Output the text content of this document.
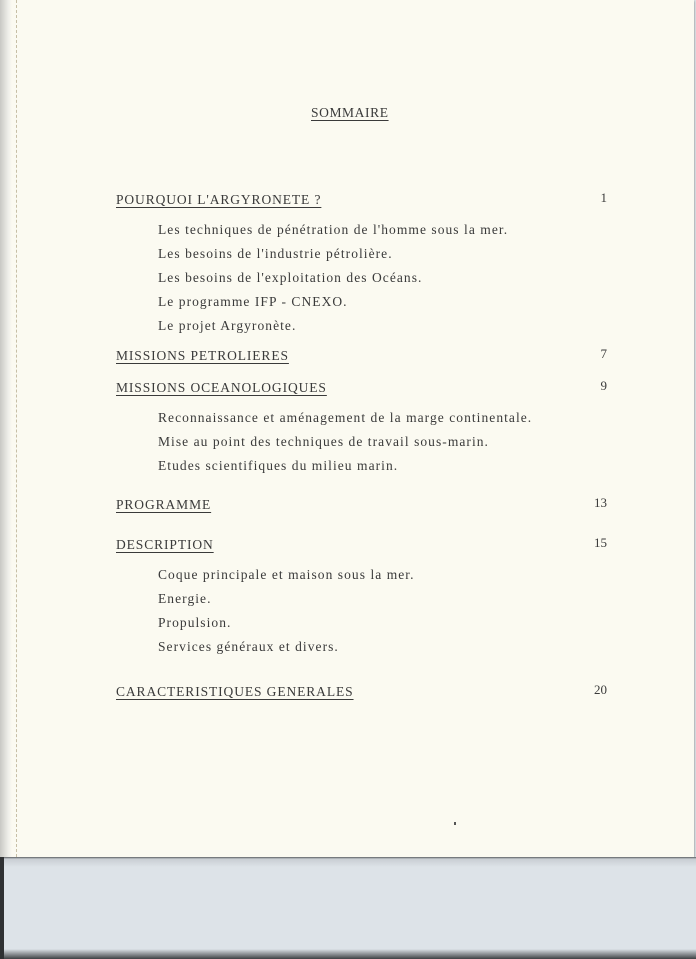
SOMMAIRE
POURQUOI L'ARGYRONETE ?	1
Les techniques de pénétration de l'homme sous la mer.
Les besoins de l'industrie pétrolière.
Les besoins de l'exploitation des Océans.
Le programme IFP - CNEXO.
Le projet Argyronète.
MISSIONS PETROLIERES	7
MISSIONS OCEANOLOGIQUES	9
Reconnaissance et aménagement de la marge continentale.
Mise au point des techniques de travail sous-marin.
Etudes scientifiques du milieu marin.
PROGRAMME	13
DESCRIPTION	15
Coque principale et maison sous la mer.
Energie.
Propulsion.
Services généraux et divers.
CARACTERISTIQUES GENERALES	20
